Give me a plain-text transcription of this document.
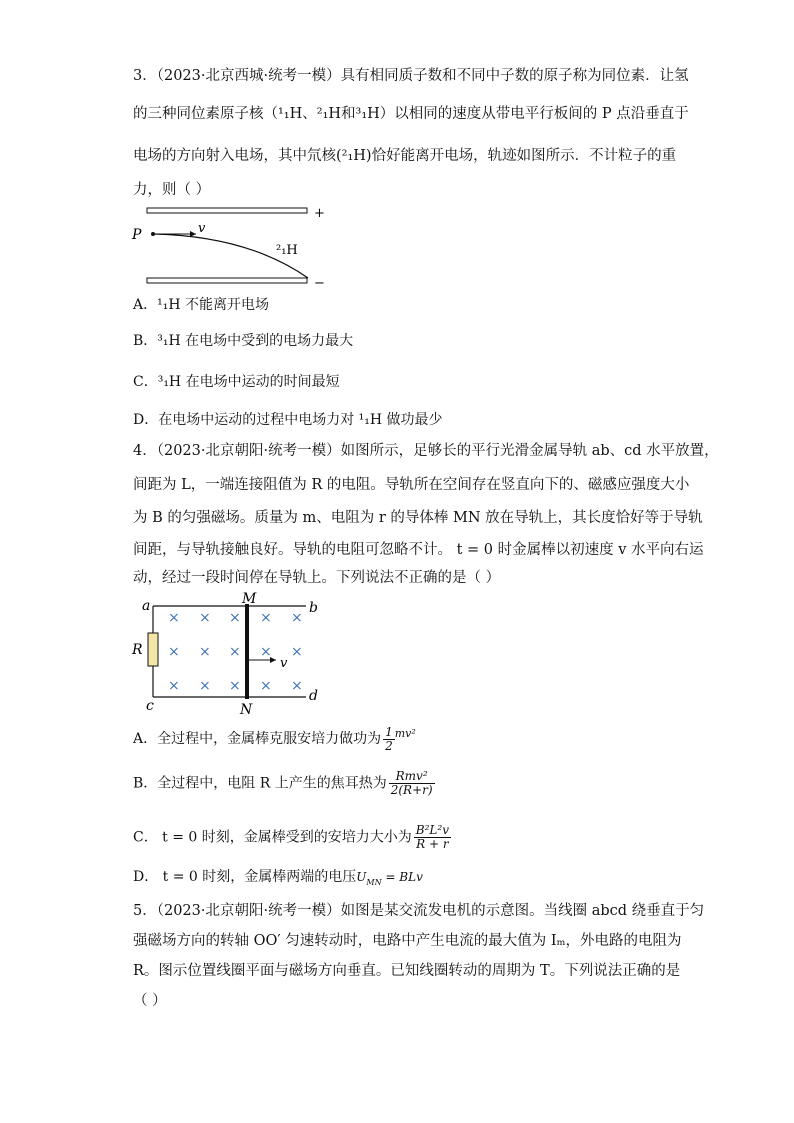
3．（2023·北京西城·统考一模）具有相同质子数和不同中子数的原子称为同位素．让氢
的三种同位素原子核（¹₁H、²₁H和³₁H）以相同的速度从带电平行板间的 P 点沿垂直于
电场的方向射入电场，其中氘核(²₁H)恰好能离开电场，轨迹如图所示．不计粒子的重
力，则（ ）
+
−
P	v
²₁H
A．¹₁H 不能离开电场
B．³₁H 在电场中受到的电场力最大
C．³₁H 在电场中运动的时间最短
D．在电场中运动的过程中电场力对 ¹₁H 做功最少
4．（2023·北京朝阳·统考一模）如图所示，足够长的平行光滑金属导轨 ab、cd 水平放置，
间距为 L，一端连接阻值为 R 的电阻。导轨所在空间存在竖直向下的、磁感应强度大小
为 B 的匀强磁场。质量为 m、电阻为 r 的导体棒 MN 放在导轨上，其长度恰好等于导轨
间距，与导轨接触良好。导轨的电阻可忽略不计。 t = 0 时金属棒以初速度 v 水平向右运
动，经过一段时间停在导轨上。下列说法不正确的是（ ）
a	b
c
d
M
N
R
v
× × × × ×
× × × × ×
× × × × ×
A．全过程中，金属棒克服安培力做功为 $\frac{1}{2} ^{mv^2}$
B．全过程中，电阻 R 上产生的焦耳热为 $\frac{\text{Rmv²}}{2(R+r)}$
C． t = 0 时刻，金属棒受到的安培力大小为 $\frac{\text{B²L²v}}{R + r}$
D． t = 0 时刻，金属棒两端的电压$U_{MN}$ = BLv
5．（2023·北京朝阳·统考一模）如图是某交流发电机的示意图。当线圈 abcd 绕垂直于匀
强磁场方向的转轴 OO′ 匀速转动时，电路中产生电流的最大值为 Iₘ，外电路的电阻为
R。图示位置线圈平面与磁场方向垂直。已知线圈转动的周期为 T。下列说法正确的是
（ ）
